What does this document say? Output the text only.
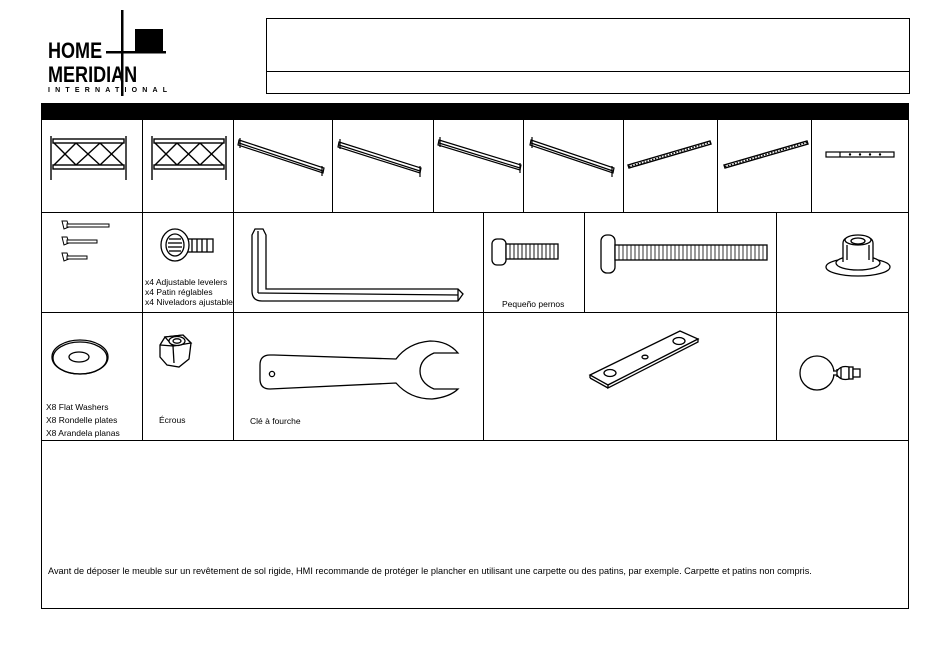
HOME
MERIDIAN
INTERNATIONAL
x4 Adjustable levelers
x4 Patin réglables
x4 Niveladors ajustable	Pequeño pernos
X8 Flat Washers
X8 Rondelle plates
X8 Arandela planas
Écrous	Clé à fourche
Avant de déposer le meuble sur un revêtement de sol rigide, HMI recommande de protéger le plancher en utilisant une carpette ou des patins, par exemple. Carpette et patins non compris.
